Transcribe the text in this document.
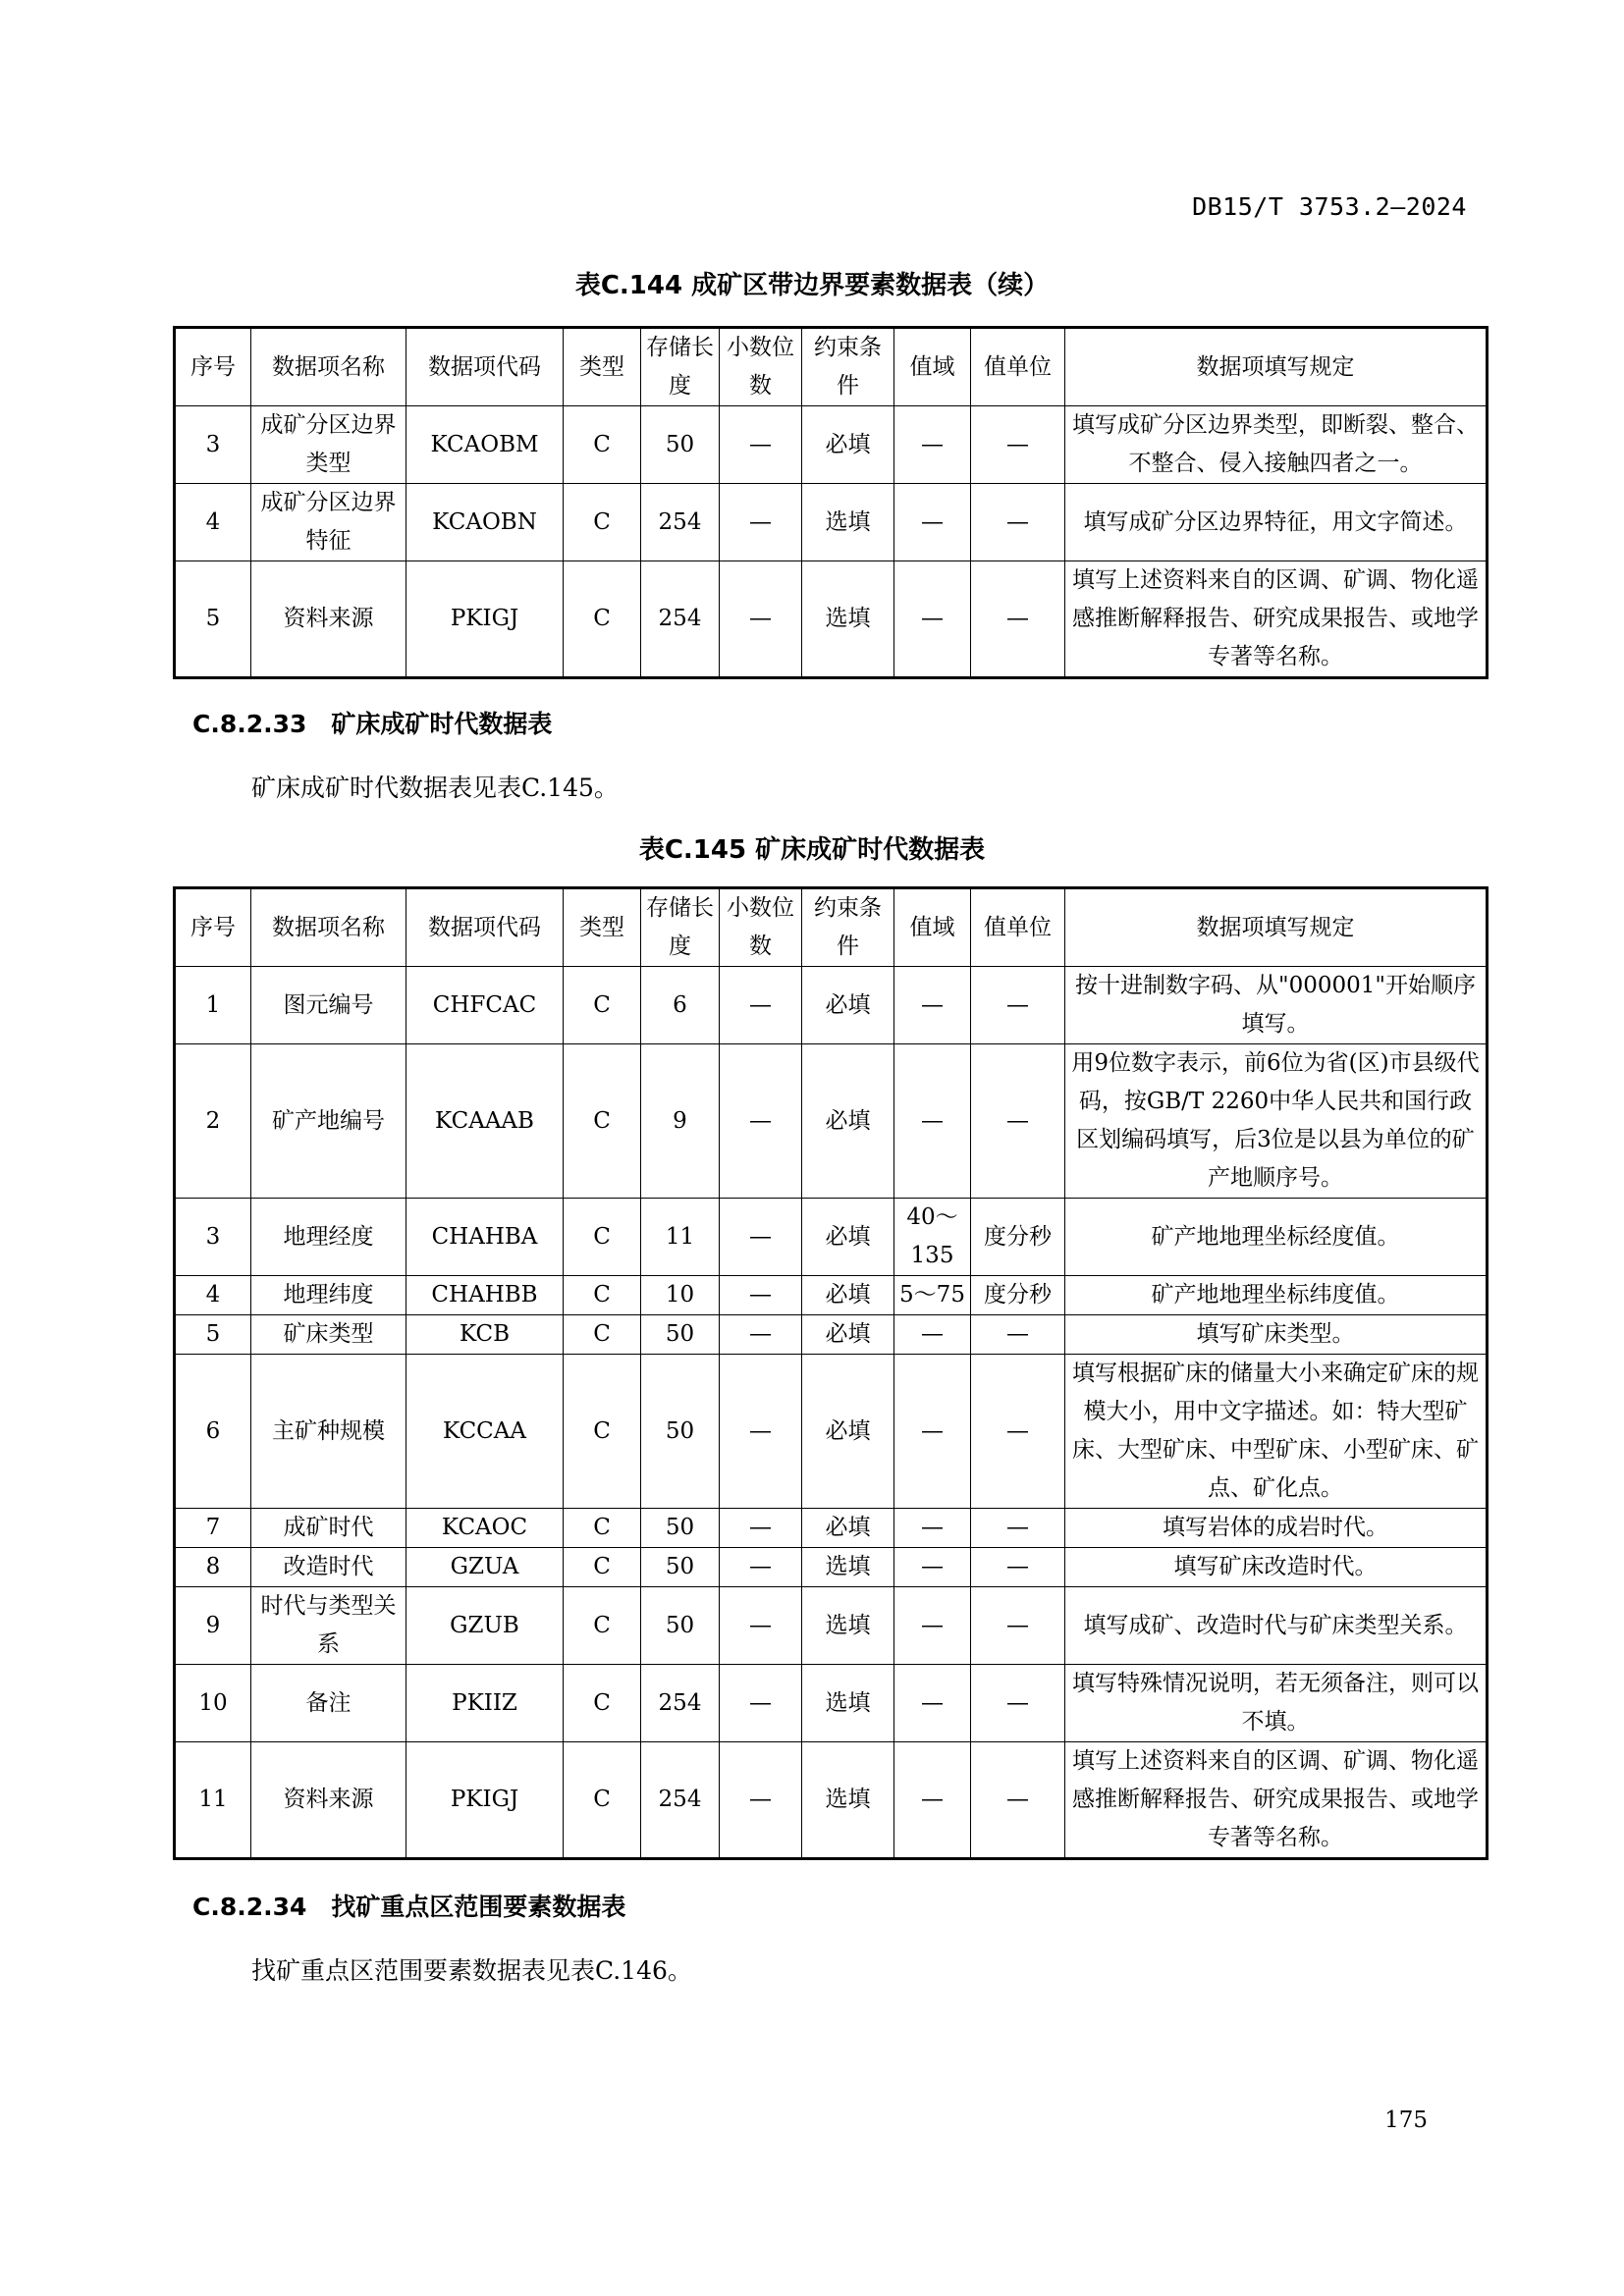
DB15/T 3753.2—2024
表C.144 成矿区带边界要素数据表（续）
序号	数据项名称	数据项代码	类型	存储长度	小数位数	约束条件	值域	值单位	数据项填写规定
3	成矿分区边界类型	KCAOBM	C	50	—	必填	—	—	填写成矿分区边界类型，即断裂、整合、不整合、侵入接触四者之一。
4	成矿分区边界特征	KCAOBN	C	254	—	选填	—	—	填写成矿分区边界特征，用文字简述。
5	资料来源	PKIGJ	C	254	—	选填	—	—	填写上述资料来自的区调、矿调、物化遥感推断解释报告、研究成果报告、或地学专著等名称。
C.8.2.33　矿床成矿时代数据表
矿床成矿时代数据表见表C.145。
表C.145 矿床成矿时代数据表
序号	数据项名称	数据项代码	类型	存储长度	小数位数	约束条件	值域	值单位	数据项填写规定
1	图元编号	CHFCAC	C	6	—	必填	—	—	按十进制数字码、从"000001"开始顺序填写。
2	矿产地编号	KCAAAB	C	9	—	必填	—	—	用9位数字表示，前6位为省(区)市县级代码，按GB/T 2260中华人民共和国行政区划编码填写，后3位是以县为单位的矿产地顺序号。
3	地理经度	CHAHBA	C	11	—	必填	40～135	度分秒	矿产地地理坐标经度值。
4	地理纬度	CHAHBB	C	10	—	必填	5～75	度分秒	矿产地地理坐标纬度值。
5	矿床类型	KCB	C	50	—	必填	—	—	填写矿床类型。
6	主矿种规模	KCCAA	C	50	—	必填	—	—	填写根据矿床的储量大小来确定矿床的规模大小，用中文字描述。如：特大型矿床、大型矿床、中型矿床、小型矿床、矿点、矿化点。
7	成矿时代	KCAOC	C	50	—	必填	—	—	填写岩体的成岩时代。
8	改造时代	GZUA	C	50	—	选填	—	—	填写矿床改造时代。
9	时代与类型关系	GZUB	C	50	—	选填	—	—	填写成矿、改造时代与矿床类型关系。
10	备注	PKIIZ	C	254	—	选填	—	—	填写特殊情况说明，若无须备注，则可以不填。
11	资料来源	PKIGJ	C	254	—	选填	—	—	填写上述资料来自的区调、矿调、物化遥感推断解释报告、研究成果报告、或地学专著等名称。
C.8.2.34　找矿重点区范围要素数据表
找矿重点区范围要素数据表见表C.146。
175
